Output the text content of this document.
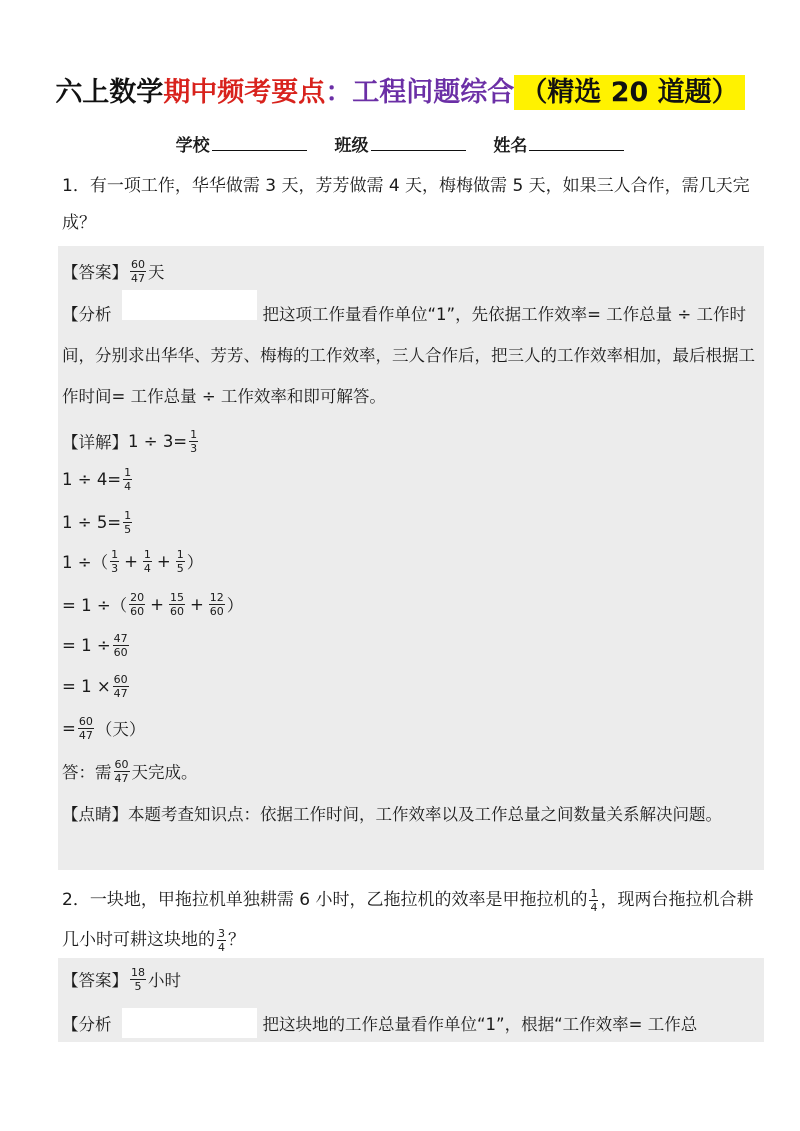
六上数学期中频考要点：工程问题综合 （精选 20 道题）
学校	班级	姓名
1．有一项工作，华华做需 3 天，芳芳做需 4 天，梅梅做需 5 天，如果三人合作，需几天完成？
【答案】 $\frac{60}{47}$ 天
【分析	把这项工作量看作单位“1”，先依据工作效率= 工作总量 ÷ 工作时间，分别求出华华、芳芳、梅梅的工作效率，三人合作后，把三人的工作效率相加，最后根据工作时间= 工作总量 ÷ 工作效率和即可解答。
【详解】 $1 \div 3= \frac{1}{3}$
$1 \div 4= \frac{1}{4}$
$1 \div 5= \frac{1}{5}$
1 ÷（ $\frac{1}{3} + \frac{1}{4} + \frac{1}{5}$ ）
= 1 ÷（ $\frac{20}{60} + \frac{15}{60} + \frac{12}{60}$ ）
= $1 \div \frac{47}{60}$
= $1 \times \frac{60}{47}$
= $\frac{60}{47}$ （天）
答：需 $\frac{60}{47}$ 天完成。
【点睛】本题考查知识点：依据工作时间，工作效率以及工作总量之间数量关系解决问题。
2．一块地，甲拖拉机单独耕需 6 小时，乙拖拉机的效率是甲拖拉机的 $\frac{1}{4}$ ，现两台拖拉机合耕几小时可耕这块地的 $\frac{3}{4}$ ？
【答案】 $\frac{18}{5}$ 小时
【分析	把这块地的工作总量看作单位“1”，根据“工作效率= 工作总
